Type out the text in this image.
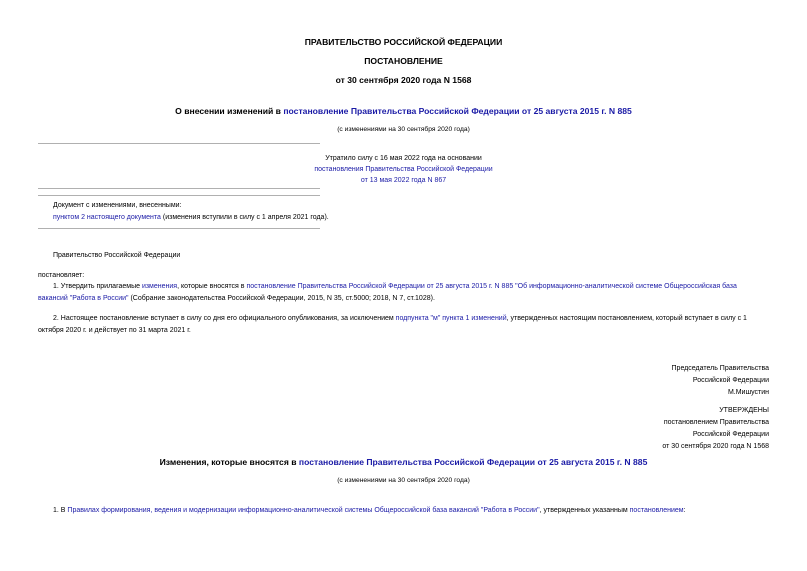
ПРАВИТЕЛЬСТВО РОССИЙСКОЙ ФЕДЕРАЦИИ
ПОСТАНОВЛЕНИЕ
от 30 сентября 2020 года N 1568
О внесении изменений в постановление Правительства Российской Федерации от 25 августа 2015 г. N 885
(с изменениями на 30 сентября 2020 года)
Утратило силу с 16 мая 2022 года на основании
постановления Правительства Российской Федерации
от 13 мая 2022 года N 867
Документ с изменениями, внесенными:
пунктом 2 настоящего документа (изменения вступили в силу с 1 апреля 2021 года).
Правительство Российской Федерации
постановляет:
1. Утвердить прилагаемые изменения, которые вносятся в постановление Правительства Российской Федерации от 25 августа 2015 г. N 885 "Об информационно-аналитической системе Общероссийская база
вакансий "Работа в России" (Собрание законодательства Российской Федерации, 2015, N 35, ст.5000; 2018, N 7, ст.1028).
2. Настоящее постановление вступает в силу со дня его официального опубликования, за исключением подпункта "м" пункта 1 изменений, утвержденных настоящим постановлением, который вступает в силу с 1
октября 2020 г. и действует по 31 марта 2021 г.
Председатель Правительства
Российской Федерации
М.Мишустин
УТВЕРЖДЕНЫ
постановлением Правительства
Российской Федерации
от 30 сентября 2020 года N 1568
Изменения, которые вносятся в постановление Правительства Российской Федерации от 25 августа 2015 г. N 885
(с изменениями на 30 сентября 2020 года)
1. В Правилах формирования, ведения и модернизации информационно-аналитической системы Общероссийской база вакансий "Работа в России", утвержденных указанным постановлением:
